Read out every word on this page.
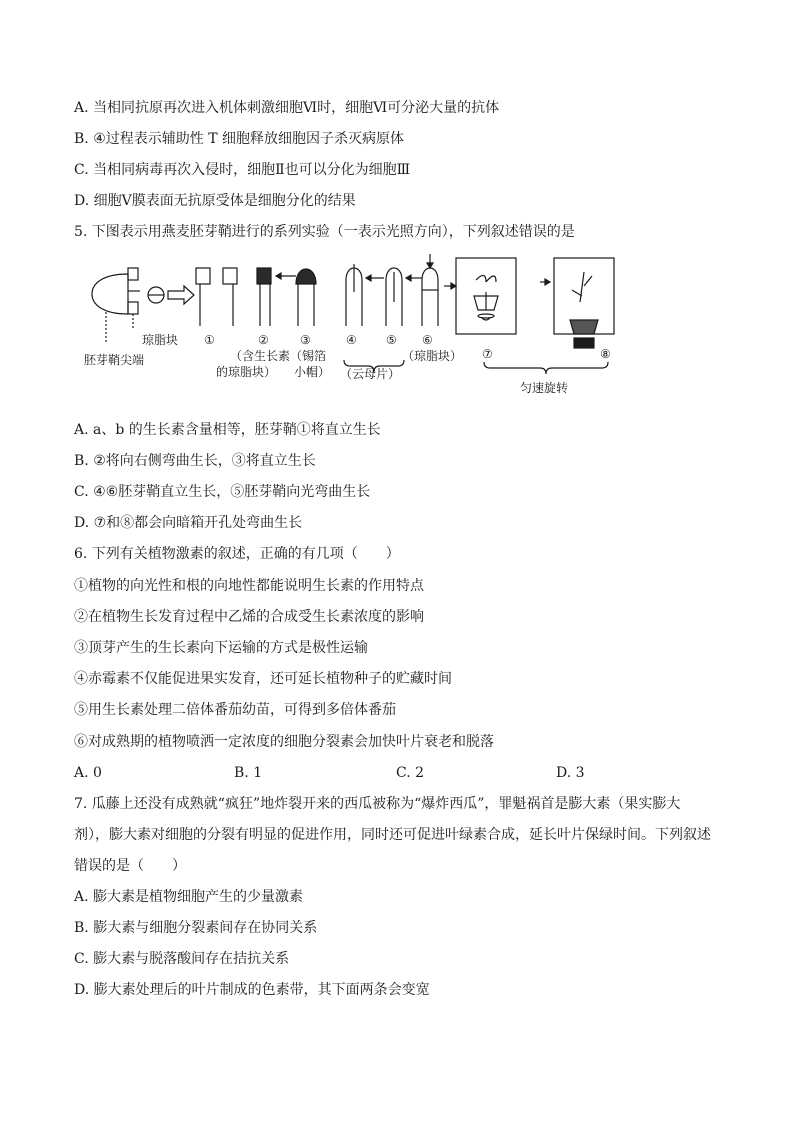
A. 当相同抗原再次进入机体刺激细胞Ⅵ时，细胞Ⅵ可分泌大量的抗体
B. ④过程表示辅助性 T 细胞释放细胞因子杀灭病原体
C. 当相同病毒再次入侵时，细胞Ⅱ也可以分化为细胞Ⅲ
D. 细胞Ⅴ膜表面无抗原受体是细胞分化的结果
5. 下图表示用燕麦胚芽鞘进行的系列实验（一表示光照方向），下列叙述错误的是
琼脂块
胚芽鞘尖端
①	②	③	④ ⑤ ⑥
⑦	⑧
（含生长素
的琼脂块）
（锡箔
小帽） （云母片）
（琼脂块）
匀速旋转
A. a、b 的生长素含量相等，胚芽鞘①将直立生长
B. ②将向右侧弯曲生长，③将直立生长
C. ④⑥胚芽鞘直立生长，⑤胚芽鞘向光弯曲生长
D. ⑦和⑧都会向暗箱开孔处弯曲生长
6. 下列有关植物激素的叙述，正确的有几项（　　）
①植物的向光性和根的向地性都能说明生长素的作用特点
②在植物生长发育过程中乙烯的合成受生长素浓度的影响
③顶芽产生的生长素向下运输的方式是极性运输
④赤霉素不仅能促进果实发育，还可延长植物种子的贮藏时间
⑤用生长素处理二倍体番茄幼苗，可得到多倍体番茄
⑥对成熟期的植物喷洒一定浓度的细胞分裂素会加快叶片衰老和脱落
A. 0	B. 1	C. 2	D. 3
7. 瓜藤上还没有成熟就“疯狂”地炸裂开来的西瓜被称为“爆炸西瓜”，罪魁祸首是膨大素（果实膨大
剂），膨大素对细胞的分裂有明显的促进作用，同时还可促进叶绿素合成，延长叶片保绿时间。下列叙述
错误的是（　　）
A. 膨大素是植物细胞产生的少量激素
B. 膨大素与细胞分裂素间存在协同关系
C. 膨大素与脱落酸间存在拮抗关系
D. 膨大素处理后的叶片制成的色素带，其下面两条会变宽
